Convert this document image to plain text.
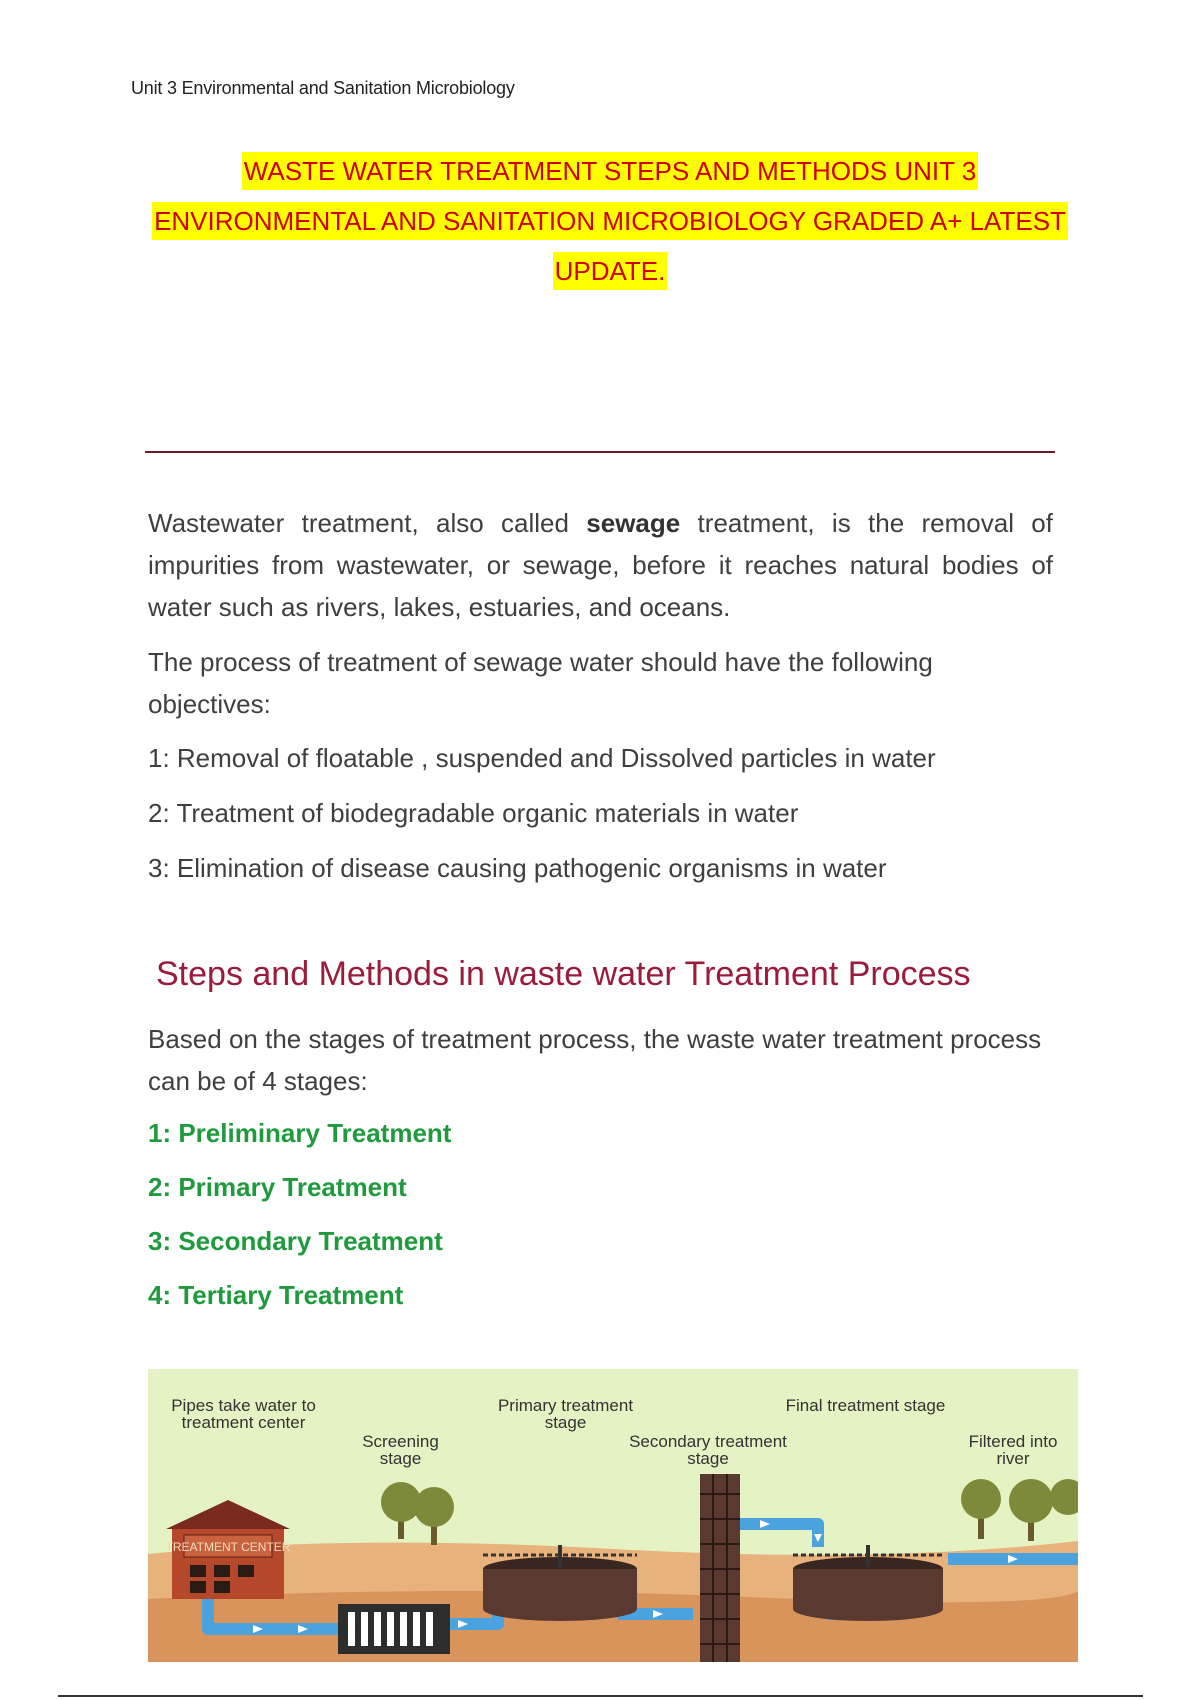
Unit 3 Environmental and Sanitation Microbiology
WASTE WATER TREATMENT STEPS AND METHODS UNIT 3
ENVIRONMENTAL AND SANITATION MICROBIOLOGY GRADED A+ LATEST
UPDATE.

Wastewater treatment, also called sewage treatment, is the removal of impurities from wastewater, or sewage, before it reaches natural bodies of water such as rivers, lakes, estuaries, and oceans.

The process of treatment of sewage water should have the following objectives:

1: Removal of floatable , suspended and Dissolved particles in water

2: Treatment of biodegradable organic materials in water

3: Elimination of disease causing pathogenic organisms in water

Steps and Methods in waste water Treatment Process

Based on the stages of treatment process, the waste water treatment process can be of 4 stages:

1: Preliminary Treatment

2: Primary Treatment

3: Secondary Treatment

4: Tertiary Treatment

TREATMENT CENTER
Pipes take water to treatment center
Screening stage
Primary treatment stage
Secondary treatment stage
Final treatment stage
Filtered into river
